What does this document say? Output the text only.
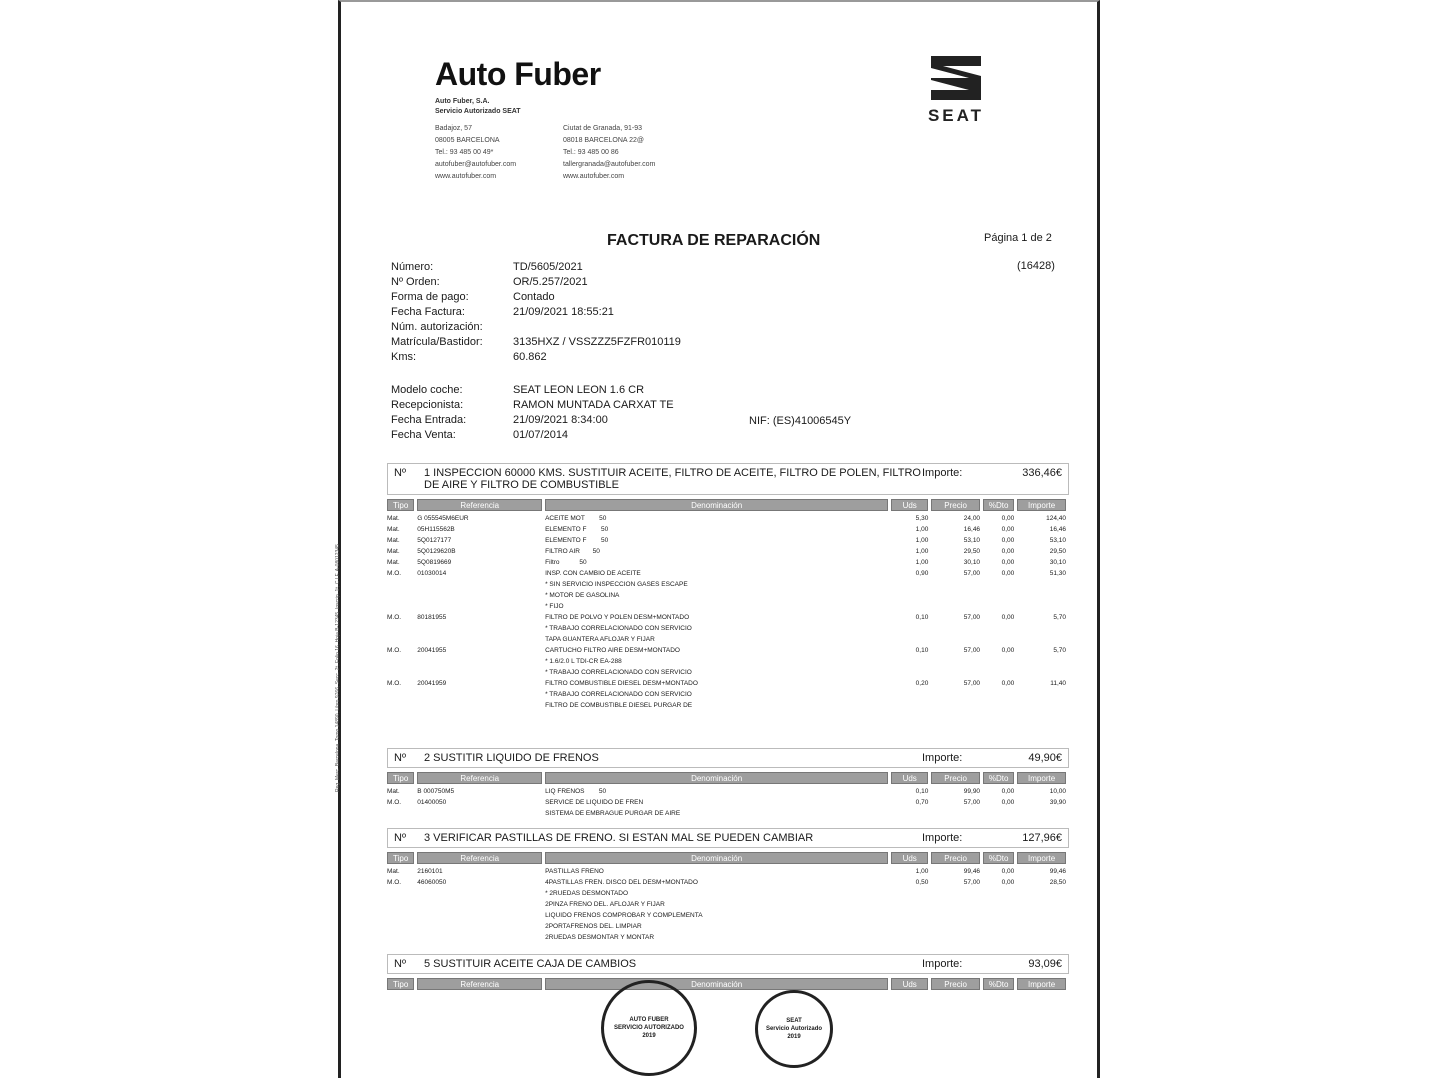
Reg. Merc. Barcelona, Tomo 14890, Libro 9766, Secc. 2ª, Folio 16, Hoja B-12345, Inscrip. 1ª, C.I.F. A-08012345
Auto Fuber
Auto Fuber, S.A.
Servicio Autorizado SEAT
Badajoz, 57
08005 BARCELONA
Tel.: 93 485 00 49*
autofuber@autofuber.com
www.autofuber.com
Ciutat de Granada, 91-93
08018 BARCELONA 22@
Tel.: 93 485 00 86
tallergranada@autofuber.com
www.autofuber.com
SEAT
FACTURA DE REPARACIÓN	Página 1 de 2
(16428)
Número:	TD/5605/2021
Nº Orden:	OR/5.257/2021
Forma de pago:	Contado
Fecha Factura:	21/09/2021 18:55:21
Núm. autorización:
Matrícula/Bastidor:	3135HXZ / VSSZZZ5FZFR010119
Kms:	60.862
Modelo coche:	SEAT LEON LEON 1.6 CR
Recepcionista:	RAMON MUNTADA CARXAT TE
Fecha Entrada:	21/09/2021 8:34:00
Fecha Venta:	01/07/2014
NIF: (ES)41006545Y
Nº	1 INSPECCION 60000 KMS. SUSTITUIR ACEITE, FILTRO DE ACEITE, FILTRO DE POLEN, FILTRO DE AIRE Y FILTRO DE COMBUSTIBLE
Importe:	336,46€
Tipo	Referencia	Denominación	Uds	Precio	%Dto	Importe
Mat.	G 055545M6EUR	ACEITE MOT        50	5,30	24,00	0,00	124,40
Mat.	05H115562B	ELEMENTO F        50	1,00	16,46	0,00	16,46
Mat.	5Q0127177	ELEMENTO F        50	1,00	53,10	0,00	53,10
Mat.	5Q0129620B	FILTRO AIR       50	1,00	29,50	0,00	29,50
Mat.	5Q0819669	Filtro           50	1,00	30,10	0,00	30,10
M.O.	01030014	INSP. CON CAMBIO DE ACEITE	0,90	57,00	0,00	51,30
* SIN SERVICIO INSPECCION GASES ESCAPE
* MOTOR DE GASOLINA
* FIJO
M.O.	80181955	FILTRO DE POLVO Y POLEN DESM+MONTADO	0,10	57,00	0,00	5,70
* TRABAJO CORRELACIONADO CON SERVICIO
TAPA GUANTERA AFLOJAR Y FIJAR
M.O.	20041955	CARTUCHO FILTRO AIRE DESM+MONTADO	0,10	57,00	0,00	5,70
* 1.6/2.0 L TDI-CR EA-288
* TRABAJO CORRELACIONADO CON SERVICIO
M.O.	20041959	FILTRO COMBUSTIBLE DIESEL DESM+MONTADO	0,20	57,00	0,00	11,40
* TRABAJO CORRELACIONADO CON SERVICIO
FILTRO DE COMBUSTIBLE DIESEL PURGAR DE
Nº	2 SUSTITIR LIQUIDO DE FRENOS	Importe:	49,90€
Tipo	Referencia	Denominación	Uds	Precio	%Dto	Importe
Mat.	B 000750M5	LIQ FRENOS        50	0,10	99,90	0,00	10,00
M.O.	01400050	SERVICE DE LIQUIDO DE FREN	0,70	57,00	0,00	39,90
SISTEMA DE EMBRAGUE PURGAR DE AIRE
Nº	3 VERIFICAR PASTILLAS DE FRENO. SI ESTAN MAL SE PUEDEN CAMBIAR	Importe:	127,96€
Tipo	Referencia	Denominación	Uds	Precio	%Dto	Importe
Mat.	2160101	PASTILLAS FRENO	1,00	99,46	0,00	99,46
M.O.	46060050	4PASTILLAS FREN. DISCO DEL DESM+MONTADO	0,50	57,00	0,00	28,50
* 2RUEDAS DESMONTADO
2PINZA FRENO DEL. AFLOJAR Y FIJAR
LIQUIDO FRENOS COMPROBAR Y COMPLEMENTA
2PORTAFRENOS DEL. LIMPIAR
2RUEDAS DESMONTAR Y MONTAR
Nº	5 SUSTITUIR ACEITE CAJA DE CAMBIOS	Importe:	93,09€
Tipo	Referencia	Denominación	Uds	Precio	%Dto	Importe
AUTO FUBER
SERVICIO AUTORIZADO
2019
SEAT
Servicio Autorizado
2019
